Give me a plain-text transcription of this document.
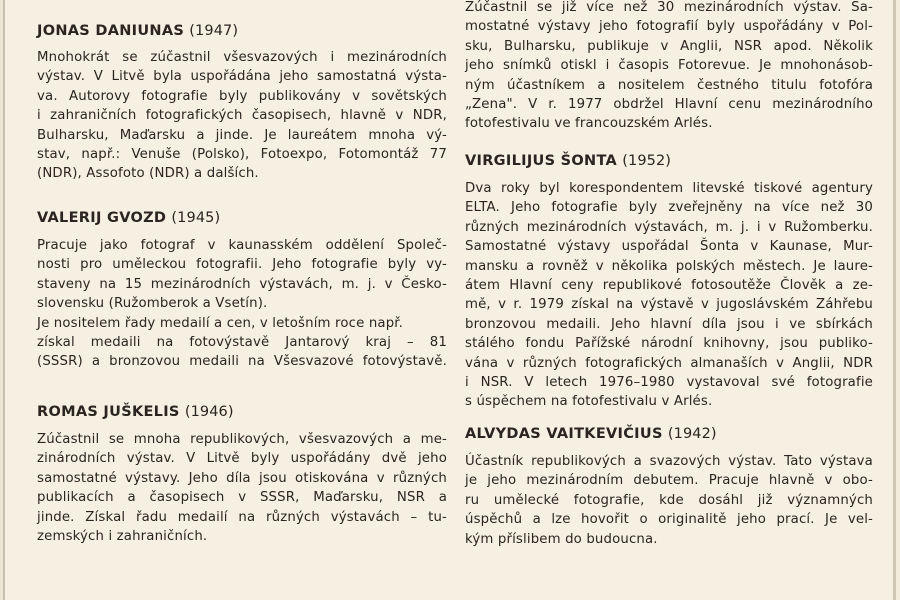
JONAS DANIUNAS (1947)

Mnohokrát se zúčastnil všesvazových i mezinárodních
výstav. V Litvě byla uspořádána jeho samostatná výsta-
va. Autorovy fotografie byly publikovány v sovětských
i zahraničních fotografických časopisech, hlavně v NDR,
Bulharsku, Maďarsku a jinde. Je laureátem mnoha vý-
stav, např.: Venuše (Polsko), Fotoexpo, Fotomontáž 77
(NDR), Assofoto (NDR) a dalších.

VALERIJ GVOZD (1945)

Pracuje jako fotograf v kaunasském oddělení Společ-
nosti pro uměleckou fotografii. Jeho fotografie byly vy-
staveny na 15 mezinárodních výstavách, m. j. v Česko-
slovensku (Ružomberok a Vsetín).
Je nositelem řady medailí a cen, v letošním roce např.
získal medaili na fotovýstavě Jantarový kraj – 81
(SSSR) a bronzovou medaili na Všesvazové fotovýstavě.

ROMAS JUŠKELIS (1946)

Zúčastnil se mnoha republikových, všesvazových a me-
zinárodních výstav. V Litvě byly uspořádány dvě jeho
samostatné výstavy. Jeho díla jsou otiskována v různých
publikacích a časopisech v SSSR, Maďarsku, NSR a
jinde. Získal řadu medailí na různých výstavách – tu-
zemských i zahraničních.

Zúčastnil se již více než 30 mezinárodních výstav. Sa-
mostatné výstavy jeho fotografií byly uspořádány v Pol-
sku, Bulharsku, publikuje v Anglii, NSR apod. Několik
jeho snímků otiskl i časopis Fotorevue. Je mnohonásob-
ným účastníkem a nositelem čestného titulu fotofóra
„Zena". V r. 1977 obdržel Hlavní cenu mezinárodního
fotofestivalu ve francouzském Arlés.

VIRGILIJUS ŠONTA (1952)

Dva roky byl korespondentem litevské tiskové agentury
ELTA. Jeho fotografie byly zveřejněny na více než 30
různých mezinárodních výstavách, m. j. i v Ružomberku.
Samostatné výstavy uspořádal Šonta v Kaunase, Mur-
mansku a rovněž v několika polských městech. Je laure-
átem Hlavní ceny republikové fotosoutěže Člověk a ze-
mě, v r. 1979 získal na výstavě v jugoslávském Záhřebu
bronzovou medaili. Jeho hlavní díla jsou i ve sbírkách
stálého fondu Pařížské národní knihovny, jsou publiko-
vána v různých fotografických almanaších v Anglii, NDR
i NSR. V letech 1976–1980 vystavoval své fotografie
s úspěchem na fotofestivalu v Arlés.

ALVYDAS VAITKEVIČIUS (1942)

Účastník republikových a svazových výstav. Tato výstava
je jeho mezinárodním debutem. Pracuje hlavně v obo-
ru umělecké fotografie, kde dosáhl již významných
úspěchů a lze hovořit o originalitě jeho prací. Je vel-
kým příslibem do budoucna.
